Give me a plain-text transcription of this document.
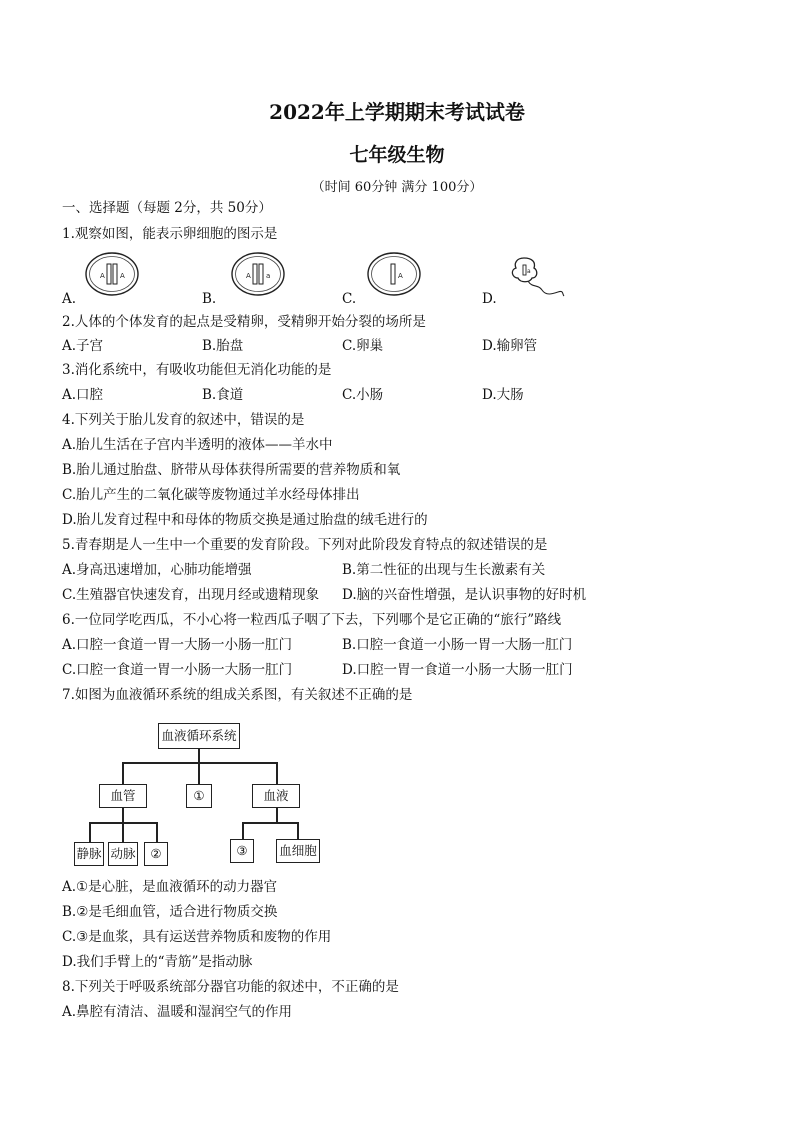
2022年上学期期末考试试卷
七年级生物
（时间 60分钟 满分 100分）
一、选择题（每题 2分，共 50分）
1.观察如图，能表示卵细胞的图示是
A A	A a	A
a
A.	B.	C.	D.
2.人体的个体发育的起点是受精卵，受精卵开始分裂的场所是
A.子宫	B.胎盘	C.卵巢	D.输卵管
3.消化系统中，有吸收功能但无消化功能的是
A.口腔	B.食道	C.小肠	D.大肠
4.下列关于胎儿发育的叙述中，错误的是
A.胎儿生活在子宫内半透明的液体——羊水中
B.胎儿通过胎盘、脐带从母体获得所需要的营养物质和氧
C.胎儿产生的二氧化碳等废物通过羊水经母体排出
D.胎儿发育过程中和母体的物质交换是通过胎盘的绒毛进行的
5.青春期是人一生中一个重要的发育阶段。下列对此阶段发育特点的叙述错误的是
A.身高迅速增加，心肺功能增强	B.第二性征的出现与生长激素有关
C.生殖器官快速发育，出现月经或遗精现象 D.脑的兴奋性增强，是认识事物的好时机
6.一位同学吃西瓜，不小心将一粒西瓜子咽了下去，下列哪个是它正确的“旅行”路线
A.口腔一食道一胃一大肠一小肠一肛门	B.口腔一食道一小肠一胃一大肠一肛门
C.口腔一食道一胃一小肠一大肠一肛门	D.口腔一胃一食道一小肠一大肠一肛门
7.如图为血液循环系统的组成关系图，有关叙述不正确的是
血液循环系统
血管	①	血液
静脉 动脉	②	③	血细胞
A.①是心脏，是血液循环的动力器官
B.②是毛细血管，适合进行物质交换
C.③是血浆，具有运送营养物质和废物的作用
D.我们手臂上的“青筋”是指动脉
8.下列关于呼吸系统部分器官功能的叙述中，不正确的是
A.鼻腔有清洁、温暖和湿润空气的作用
